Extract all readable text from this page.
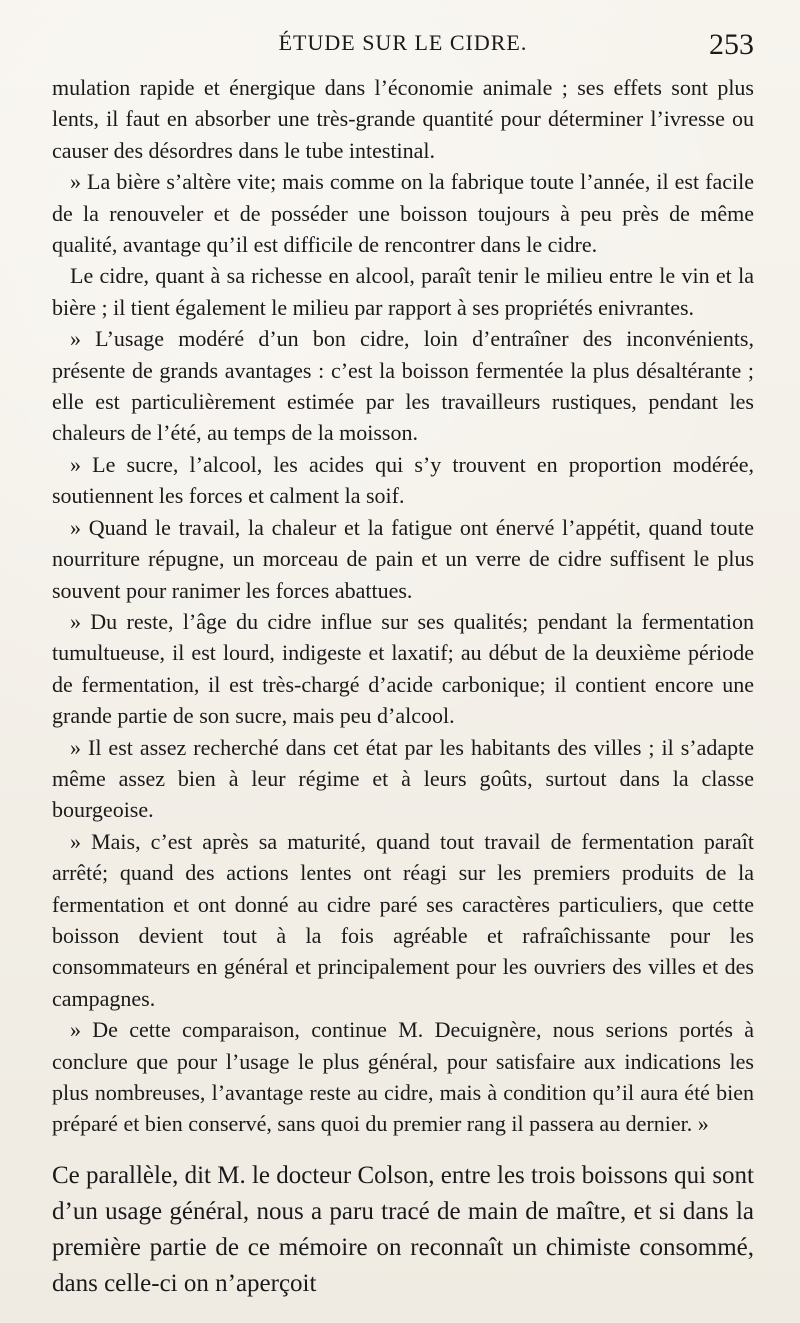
ÉTUDE SUR LE CIDRE.	253

mulation rapide et énergique dans l’économie animale ; ses effets sont plus lents, il faut en absorber une très-grande quantité pour déterminer l’ivresse ou causer des désordres dans le tube intestinal.

» La bière s’altère vite; mais comme on la fabrique toute l’année, il est facile de la renouveler et de posséder une boisson toujours à peu près de même qualité, avantage qu’il est difficile de rencontrer dans le cidre.

Le cidre, quant à sa richesse en alcool, paraît tenir le milieu entre le vin et la bière ; il tient également le milieu par rapport à ses propriétés enivrantes.

» L’usage modéré d’un bon cidre, loin d’entraîner des inconvénients, présente de grands avantages : c’est la boisson fermentée la plus désaltérante ; elle est particulièrement estimée par les travailleurs rustiques, pendant les chaleurs de l’été, au temps de la moisson.

» Le sucre, l’alcool, les acides qui s’y trouvent en proportion modérée, soutiennent les forces et calment la soif.

» Quand le travail, la chaleur et la fatigue ont énervé l’appétit, quand toute nourriture répugne, un morceau de pain et un verre de cidre suffisent le plus souvent pour ranimer les forces abattues.

» Du reste, l’âge du cidre influe sur ses qualités; pendant la fermentation tumultueuse, il est lourd, indigeste et laxatif; au début de la deuxième période de fermentation, il est très-chargé d’acide carbonique; il contient encore une grande partie de son sucre, mais peu d’alcool.

» Il est assez recherché dans cet état par les habitants des villes ; il s’adapte même assez bien à leur régime et à leurs goûts, surtout dans la classe bourgeoise.

» Mais, c’est après sa maturité, quand tout travail de fermentation paraît arrêté; quand des actions lentes ont réagi sur les premiers produits de la fermentation et ont donné au cidre paré ses caractères particuliers, que cette boisson devient tout à la fois agréable et rafraîchissante pour les consommateurs en général et principalement pour les ouvriers des villes et des campagnes.

» De cette comparaison, continue M. Decuignère, nous serions portés à conclure que pour l’usage le plus général, pour satisfaire aux indications les plus nombreuses, l’avantage reste au cidre, mais à condition qu’il aura été bien préparé et bien conservé, sans quoi du premier rang il passera au dernier. »

Ce parallèle, dit M. le docteur Colson, entre les trois boissons qui sont d’un usage général, nous a paru tracé de main de maître, et si dans la première partie de ce mémoire on reconnaît un chimiste consommé, dans celle-ci on n’aperçoit
